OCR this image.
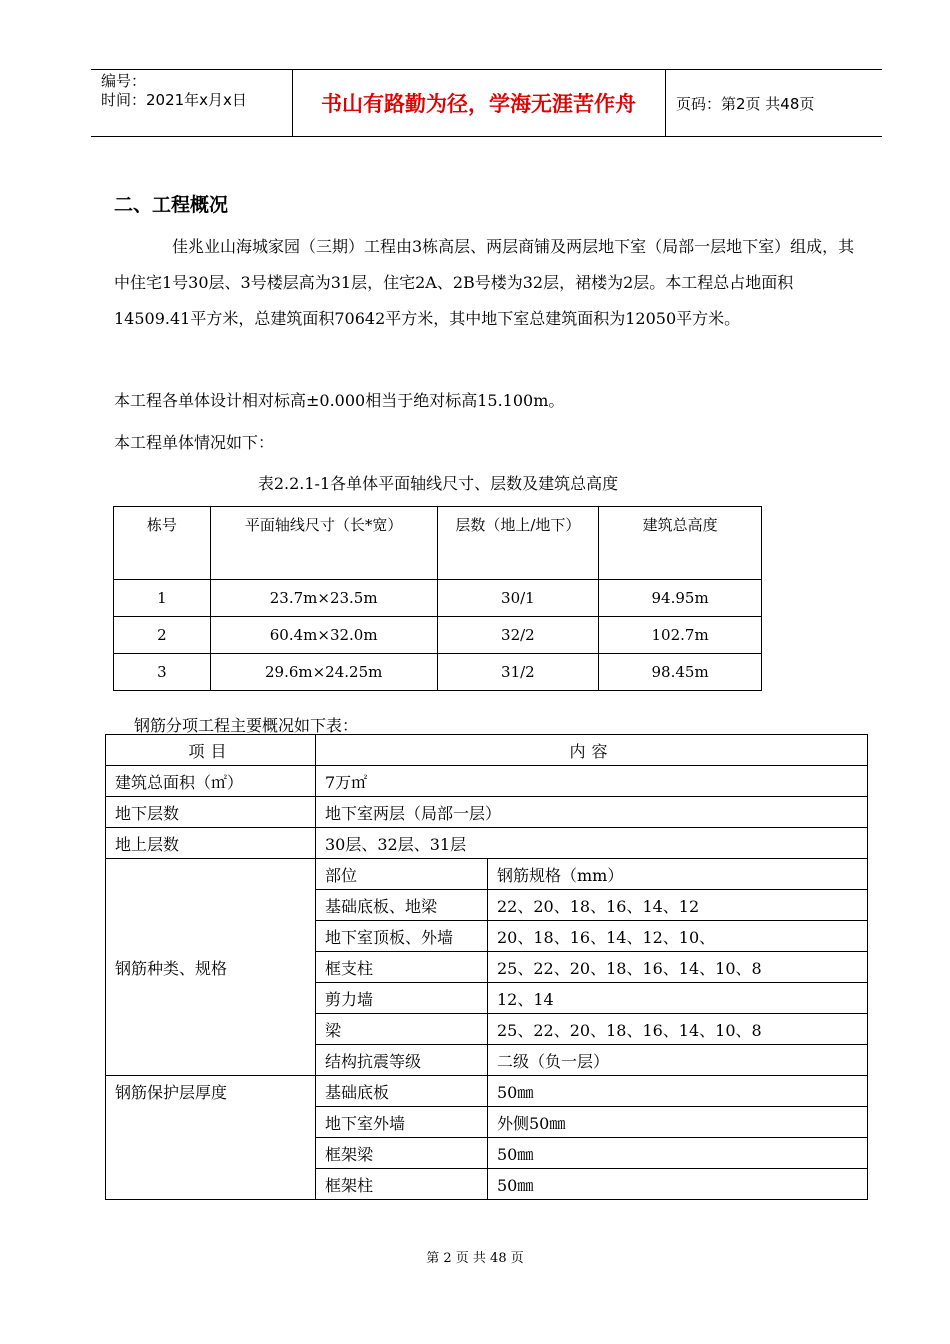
编号：
时间：2021年x月x日	书山有路勤为径，学海无涯苦作舟	页码：第2页 共48页
二、工程概况
佳兆业山海城家园（三期）工程由3栋高层、两层商铺及两层地下室（局部一层地下室）组成，其中住宅1号30层、3号楼层高为31层，住宅2A、2B号楼为32层，裙楼为2层。本工程总占地面积14509.41平方米，总建筑面积70642平方米，其中地下室总建筑面积为12050平方米。
本工程各单体设计相对标高±0.000相当于绝对标高15.100m。
本工程单体情况如下：
表2.2.1-1各单体平面轴线尺寸、层数及建筑总高度
栋号	平面轴线尺寸（长*宽）	层数（地上/地下）	建筑总高度
1	23.7m×23.5m	30/1	94.95m
2	60.4m×32.0m	32/2	102.7m
3	29.6m×24.25m	31/2	98.45m
钢筋分项工程主要概况如下表：
项目	内容	
建筑总面积（㎡）	7万㎡	
地下层数	地下室两层（局部一层）	
地上层数	30层、32层、31层	
钢筋种类、规格	部位	钢筋规格（mm）
	基础底板、地梁	22、20、18、16、14、12
	地下室顶板、外墙	20、18、16、14、12、10、
	框支柱	25、22、20、18、16、14、10、8
	剪力墙	12、14
	梁	25、22、20、18、16、14、10、8
	结构抗震等级	二级（负一层）
钢筋保护层厚度	基础底板	50㎜
	地下室外墙	外侧50㎜
	框架梁	50㎜
	框架柱	50㎜
第 2 页 共 48 页
